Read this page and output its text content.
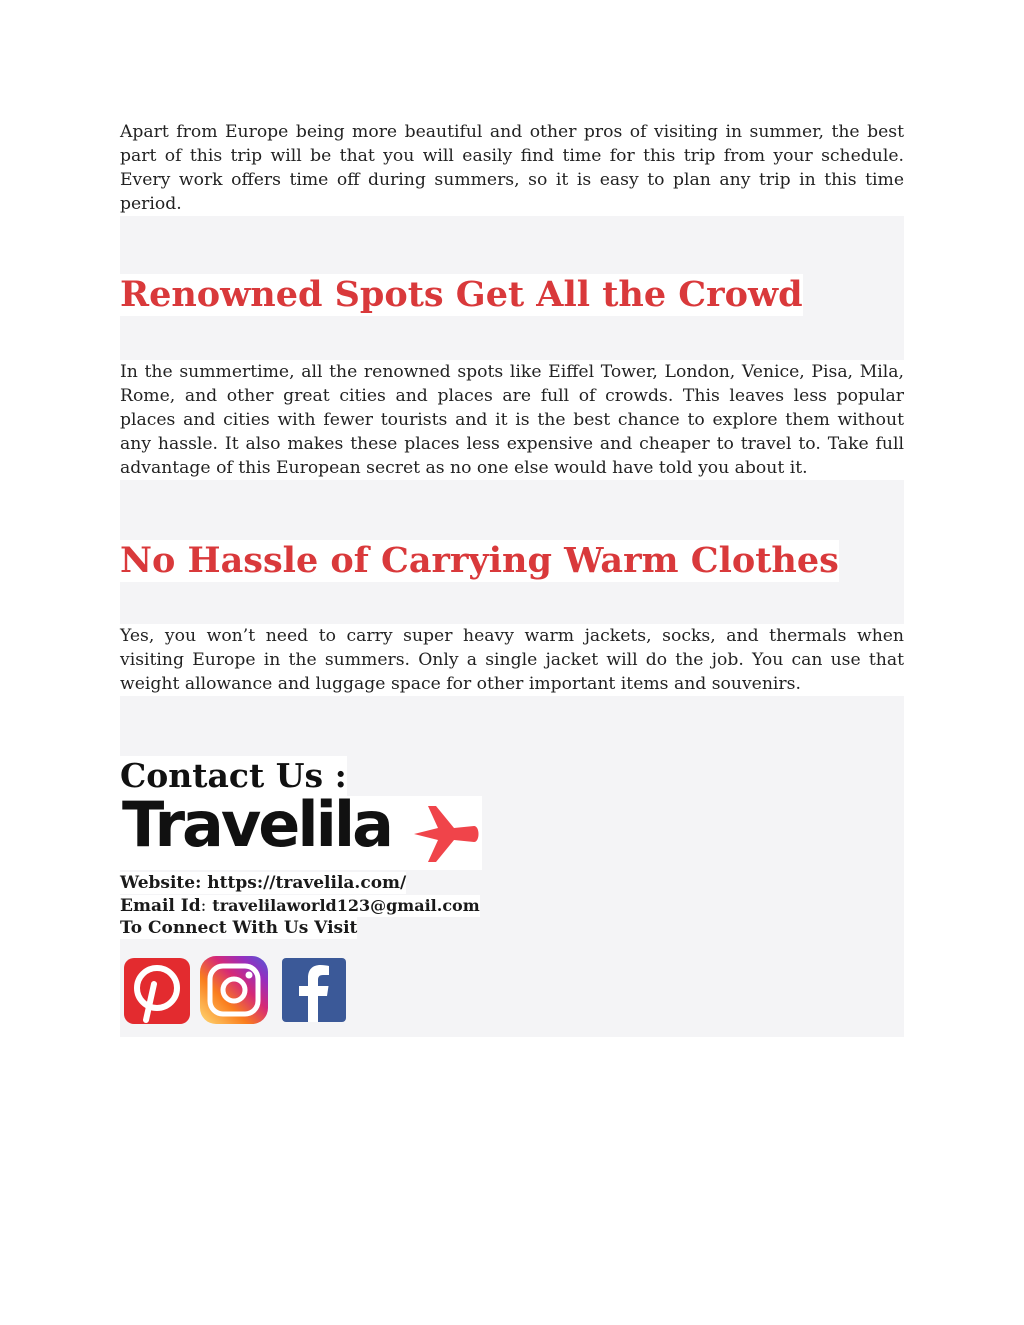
Apart from Europe being more beautiful and other pros of visiting in summer, the best part of this trip will be that you will easily find time for this trip from your schedule. Every work offers time off during summers, so it is easy to plan any trip in this time period.

Renowned Spots Get All the Crowd

In the summertime, all the renowned spots like Eiffel Tower, London, Venice, Pisa, Mila, Rome, and other great cities and places are full of crowds. This leaves less popular places and cities with fewer tourists and it is the best chance to explore them without any hassle. It also makes these places less expensive and cheaper to travel to. Take full advantage of this European secret as no one else would have told you about it.

No Hassle of Carrying Warm Clothes

Yes, you won’t need to carry super heavy warm jackets, socks, and thermals when visiting Europe in the summers. Only a single jacket will do the job. You can use that weight allowance and luggage space for other important items and souvenirs.

Contact Us :
Travelila
Website: https://travelila.com/
Email Id: travelilaworld123@gmail.com
To Connect With Us Visit
